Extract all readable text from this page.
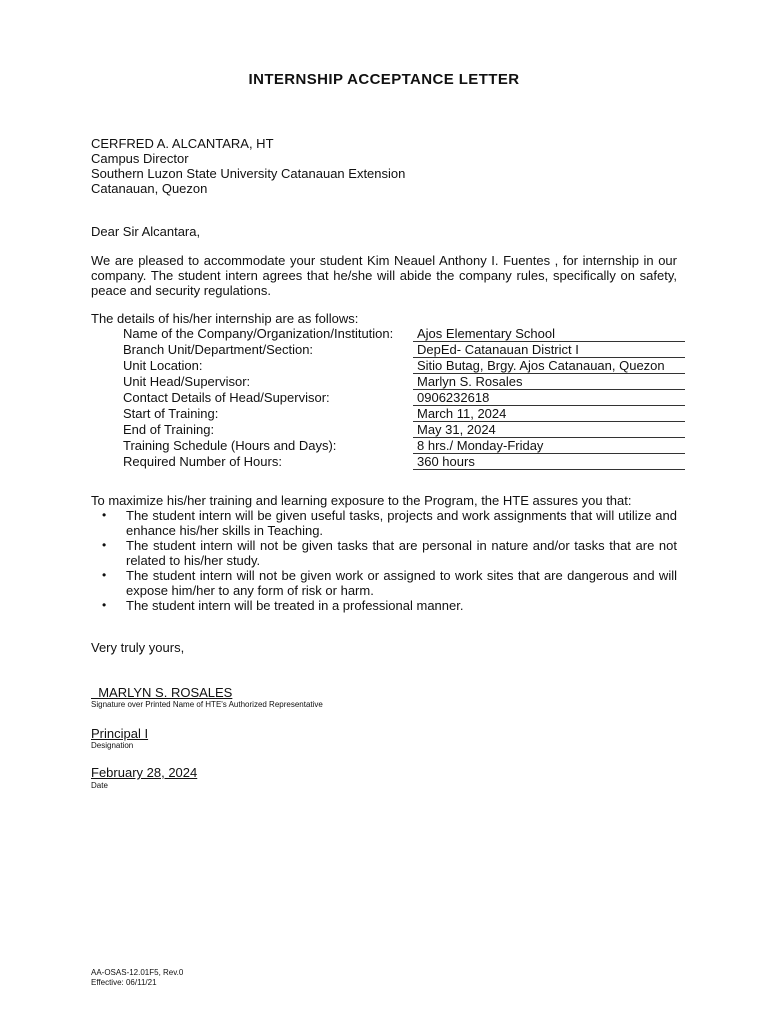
INTERNSHIP ACCEPTANCE LETTER
CERFRED A. ALCANTARA, HT
Campus Director
Southern Luzon State University Catanauan Extension
Catanauan, Quezon
Dear Sir Alcantara,
We are pleased to accommodate your student Kim Neauel Anthony I. Fuentes , for internship in our company. The student intern agrees that he/she will abide the company rules, specifically on safety, peace and security regulations.
The details of his/her internship are as follows:
Name of the Company/Organization/Institution:	Ajos Elementary School
Branch Unit/Department/Section:	DepEd- Catanauan District I
Unit Location:	Sitio Butag, Brgy. Ajos Catanauan, Quezon
Unit Head/Supervisor:	Marlyn S. Rosales
Contact Details of Head/Supervisor:	0906232618
Start of Training:	March 11, 2024
End of Training:	May 31, 2024
Training Schedule (Hours and Days):	8 hrs./ Monday-Friday
Required Number of Hours:	360 hours
To maximize his/her training and learning exposure to the Program, the HTE assures you that:
• The student intern will be given useful tasks, projects and work assignments that will utilize and enhance his/her skills in Teaching.
• The student intern will not be given tasks that are personal in nature and/or tasks that are not related to his/her study.
• The student intern will not be given work or assigned to work sites that are dangerous and will expose him/her to any form of risk or harm.
• The student intern will be treated in a professional manner.
Very truly yours,
MARLYN S. ROSALES
Signature over Printed Name of HTE's Authorized Representative
Principal I
Designation
February 28, 2024
Date
AA-OSAS-12.01F5, Rev.0
Effective: 06/11/21
